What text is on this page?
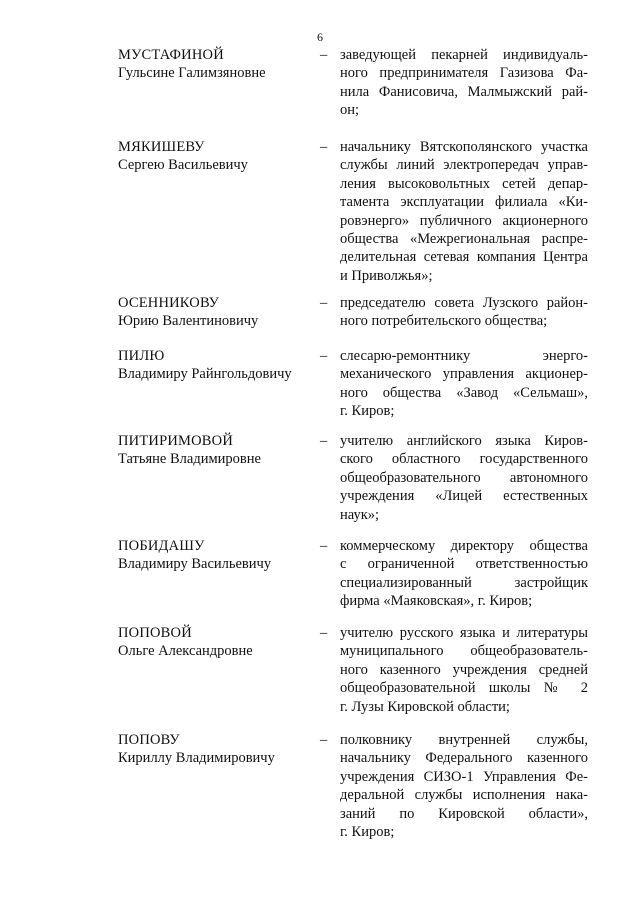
6
МУСТАФИНОЙ
Гульсине Галимзяновне
– заведующей пекарней индивидуаль-
ного предпринимателя Газизова Фа-
нила Фанисовича, Малмыжский рай-
он;
МЯКИШЕВУ
Сергею Васильевичу
– начальнику Вятскополянского участка
службы линий электропередач управ-
ления высоковольтных сетей депар-
тамента эксплуатации филиала «Ки-
ровэнерго» публичного акционерного
общества «Межрегиональная распре-
делительная сетевая компания Центра
и Приволжья»;
ОСЕННИКОВУ
Юрию Валентиновичу
– председателю совета Лузского район-
ного потребительского общества;
ПИЛЮ
Владимиру Райнгольдовичу
– слесарю-ремонтнику энерго-
механического управления акционер-
ного общества «Завод «Сельмаш»,
г. Киров;
ПИТИРИМОВОЙ
Татьяне Владимировне
– учителю английского языка Киров-
ского областного государственного
общеобразовательного автономного
учреждения «Лицей естественных
наук»;
ПОБИДАШУ
Владимиру Васильевичу
– коммерческому директору общества
с ограниченной ответственностью
специализированный застройщик
фирма «Маяковская», г. Киров;
ПОПОВОЙ
Ольге Александровне
– учителю русского языка и литературы
муниципального общеобразователь-
ного казенного учреждения средней
общеобразовательной школы № 2
г. Лузы Кировской области;
ПОПОВУ
Кириллу Владимировичу
– полковнику внутренней службы,
начальнику Федерального казенного
учреждения СИЗО-1 Управления Фе-
деральной службы исполнения нака-
заний по Кировской области»,
г. Киров;
